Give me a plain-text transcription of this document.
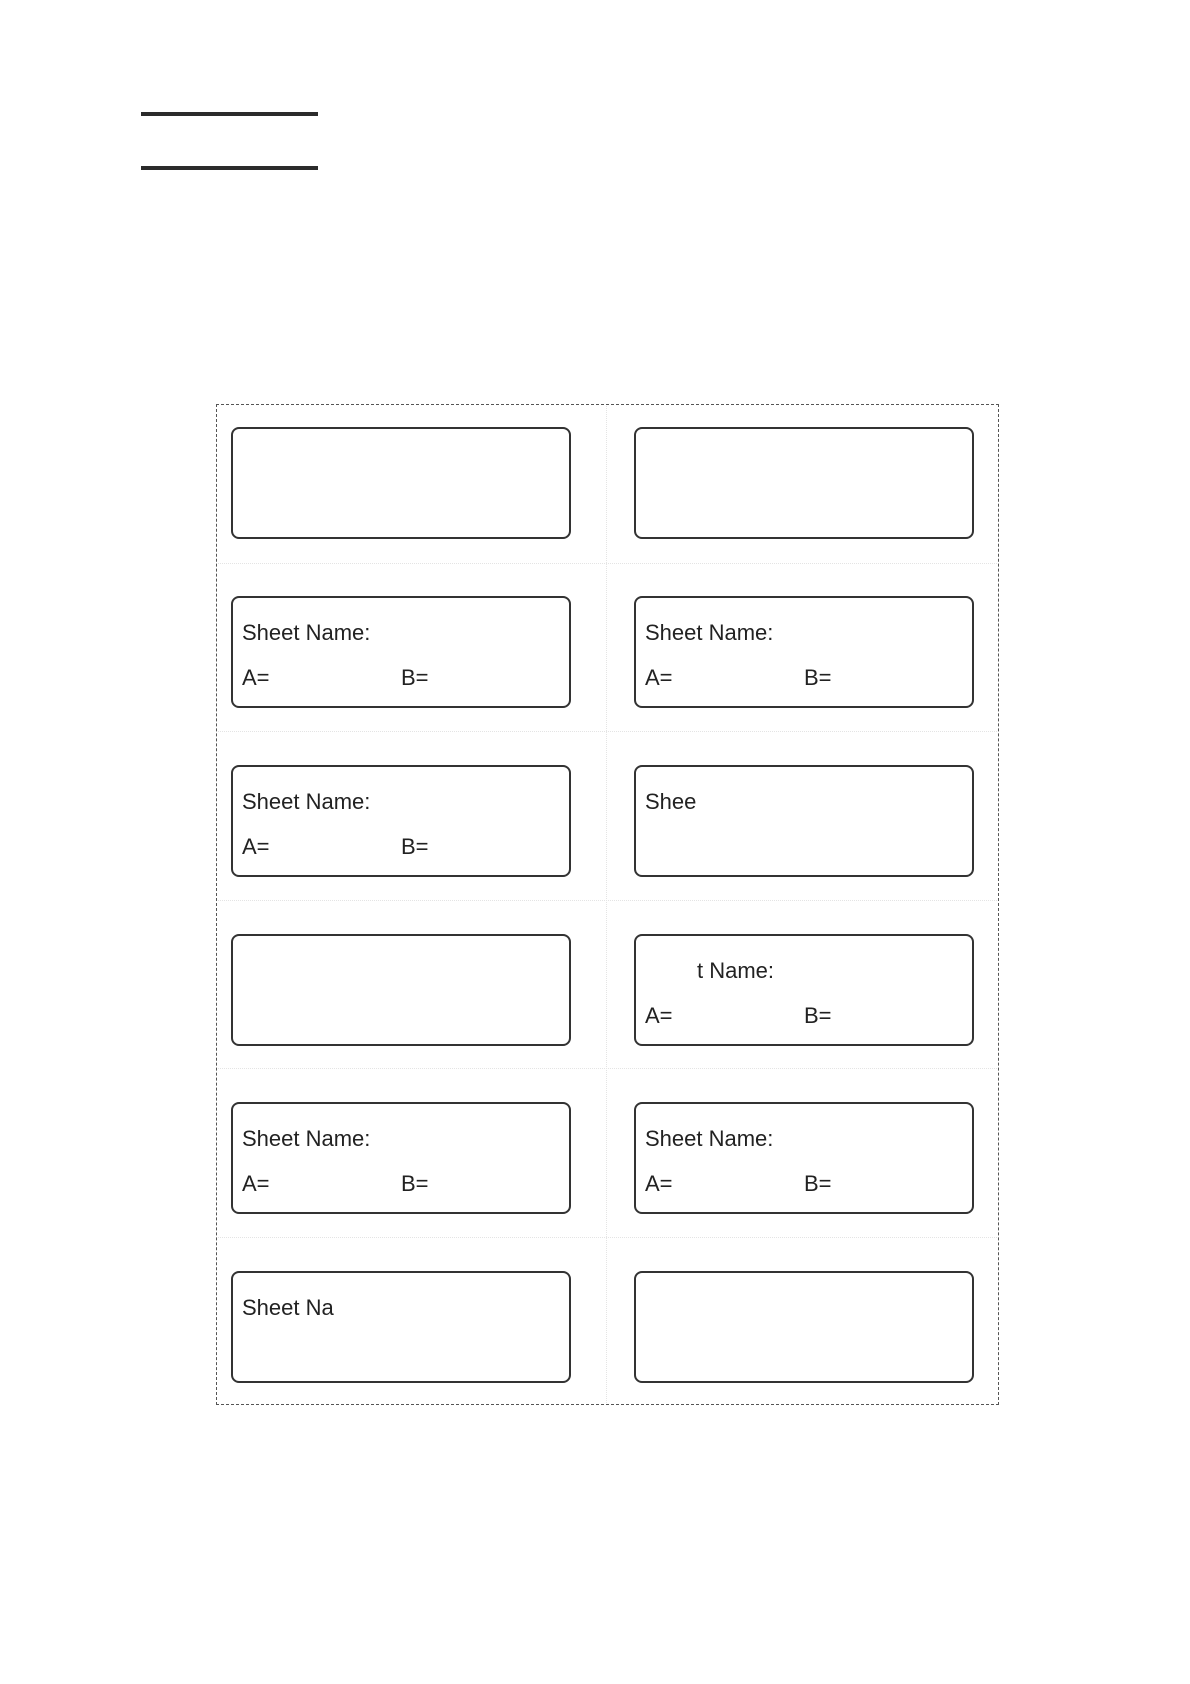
Sheet Name:
A=	B=
Sheet Name:
A=	B=
Sheet Name:
A=	B=
Shee
t Name:
A=	B=
Sheet Name:
A=	B=
Sheet Name:
A=	B=
Sheet Na
